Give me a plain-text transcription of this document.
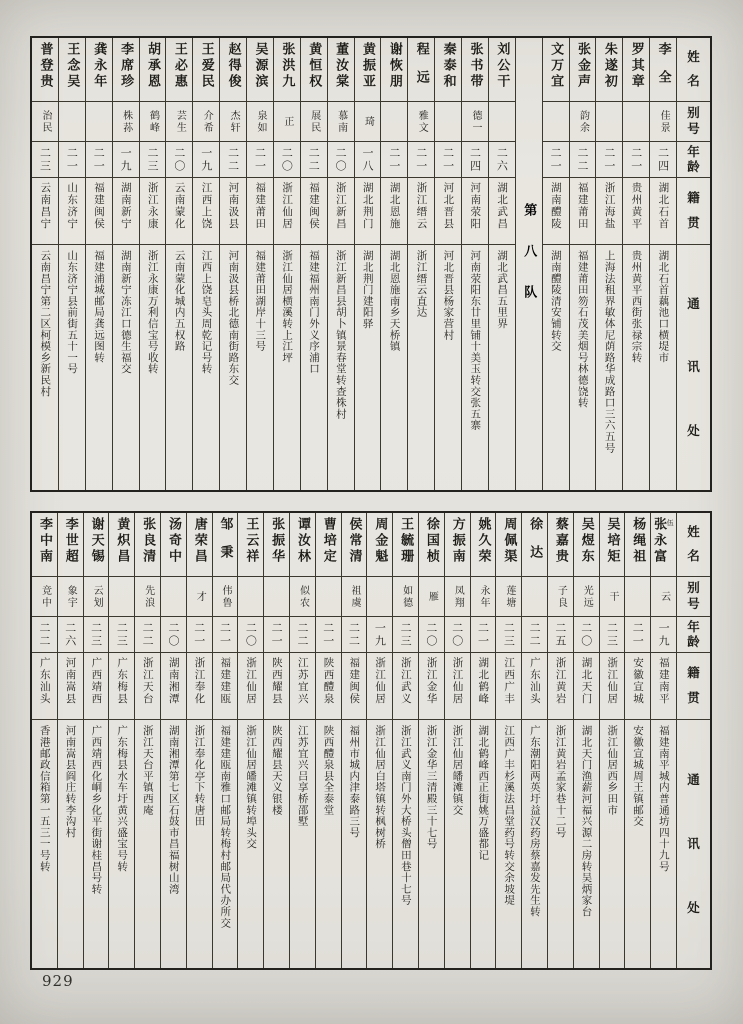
姓
名
别
号
年
龄
籍
贯
通
讯
处
李全
佳景
二四
湖北石首
湖北石首藕池口横堤市
罗其章
二一
贵州黄平
贵州黄平西街张禄宗转
朱遂初
二一
浙江海盐
上海法租界敏体尼荫路华成路口三六五号
张金声
韵余
二二
福建莆田
福建莆田笏石茂美烟号林德饶转
文万宜
二一
湖南醴陵
湖南醴陵清安铺转交
第八队
刘公干
二六
湖北武昌
湖北武昌五里界
张书带
德一
二四
河南荥阳
河南荥阳东廿里铺十美玉转交张五寨
秦泰和
二一
河北晋县
河北晋县杨家营村
程远
雅文
二一
浙江缙云
浙江缙云直达
谢恢朋
二一
湖北恩施
湖北恩施南乡天桥镇
黄振亚
琦
一八
湖北荆门
湖北荆门建阳驿
董汝棠
慕南
二〇
浙江新昌
浙江新昌县胡卜镇景春堂转查株村
黄恒权
展民
二二
福建闽侯
福建福州南门外义序浦口
张洪九
正
二〇
浙江仙居
浙江仙居横溪转上江坪
吴源滨
泉如
二一
福建莆田
福建莆田湖岸十三号
赵得俊
杰轩
二二
河南汲县
河南汲县桥北德南街路东交
王爱民
介希
一九
江西上饶
江西上饶皂头周乾记号转
王必惠
芸生
二〇
云南蒙化
云南蒙化城内五权路
胡承恩
鹤峰
二三
浙江永康
浙江永康万利信宝号收转
李席珍
株荪
一九
湖南新宁
湖南新宁冻江口德生福交
龚永年
二一
福建闽侯
福建浦城邮局龚远图转
王念吴
二一
山东济宁
山东济宁县前街五十一号
普登贵
治民
二三
云南昌宁
云南昌宁第二区柯模乡新民村
姓
名
别
号
年
龄
籍
贯
通
讯
处
张永富 伍
云
一九
福建南平
福建南平城内普通坊四十九号
杨绳祖
二一
安徽宣城
安徽宣城周王镇邮交
吴培矩
干
二三
浙江仙居
浙江仙居西乡田市
吴煜东
光远
二〇
湖北天门
湖北天门渔薪河福兴源二房转吴炳家台
蔡嘉贵
子良
二五
浙江黄岩
浙江黄岩孟家巷十二号
徐达
二二
广东汕头
广东潮阳两英圩益汉药房蔡嘉发先生转
周佩渠
莲塘
二三
江西广丰
江西广丰杉溪法昌堂药号转交余坡堤
姚久荣
永年
二一
湖北鹤峰
湖北鹤峰西正街姚万盛都记
方振南
凤翔
二〇
浙江仙居
浙江仙居皤滩镇交
徐国桢
雁
二〇
浙江金华
浙江金华三清殿三十七号
王毓珊
如德
二三
浙江武义
浙江武义南门外大桥头僧田巷十七号
周金魁
一九
浙江仙居
浙江仙居白塔镇转枫树桥
侯常清
祖虞
二二
福建闽侯
福州市城内津泰路三号
曹培定
二一
陕西醴泉
陕西醴泉县全泰堂
谭汝林
似农
二二
江苏宜兴
江苏宜兴吕享桥邵墅
张振华
二一
陕西耀县
陕西耀县天义银楼
王云祥
二〇
浙江仙居
浙江仙居皤滩镇转埠头交
邹秉
伟鲁
二一
福建建瓯
福建建瓯南雅口邮局转梅村邮局代办所交
唐荣昌
才
二一
浙江奉化
浙江奉化亭下转唐田
汤奇中
二〇
湖南湘潭
湖南湘潭第七区石鼓市昌福树山湾
张良清
先浪
二二
浙江天台
浙江天台平镇西庵
黄炽昌
二三
广东梅县
广东梅县水车圩黄兴盛宝号转
谢天锡
云划
二三
广西靖西
广西靖西化峒乡化平街谢桂昌号转
李世超
象宇
二六
河南嵩县
河南嵩县阎庄转李沟村
李中南
竞中
二二
广东汕头
香港邮政信箱第一五三一号转
929
